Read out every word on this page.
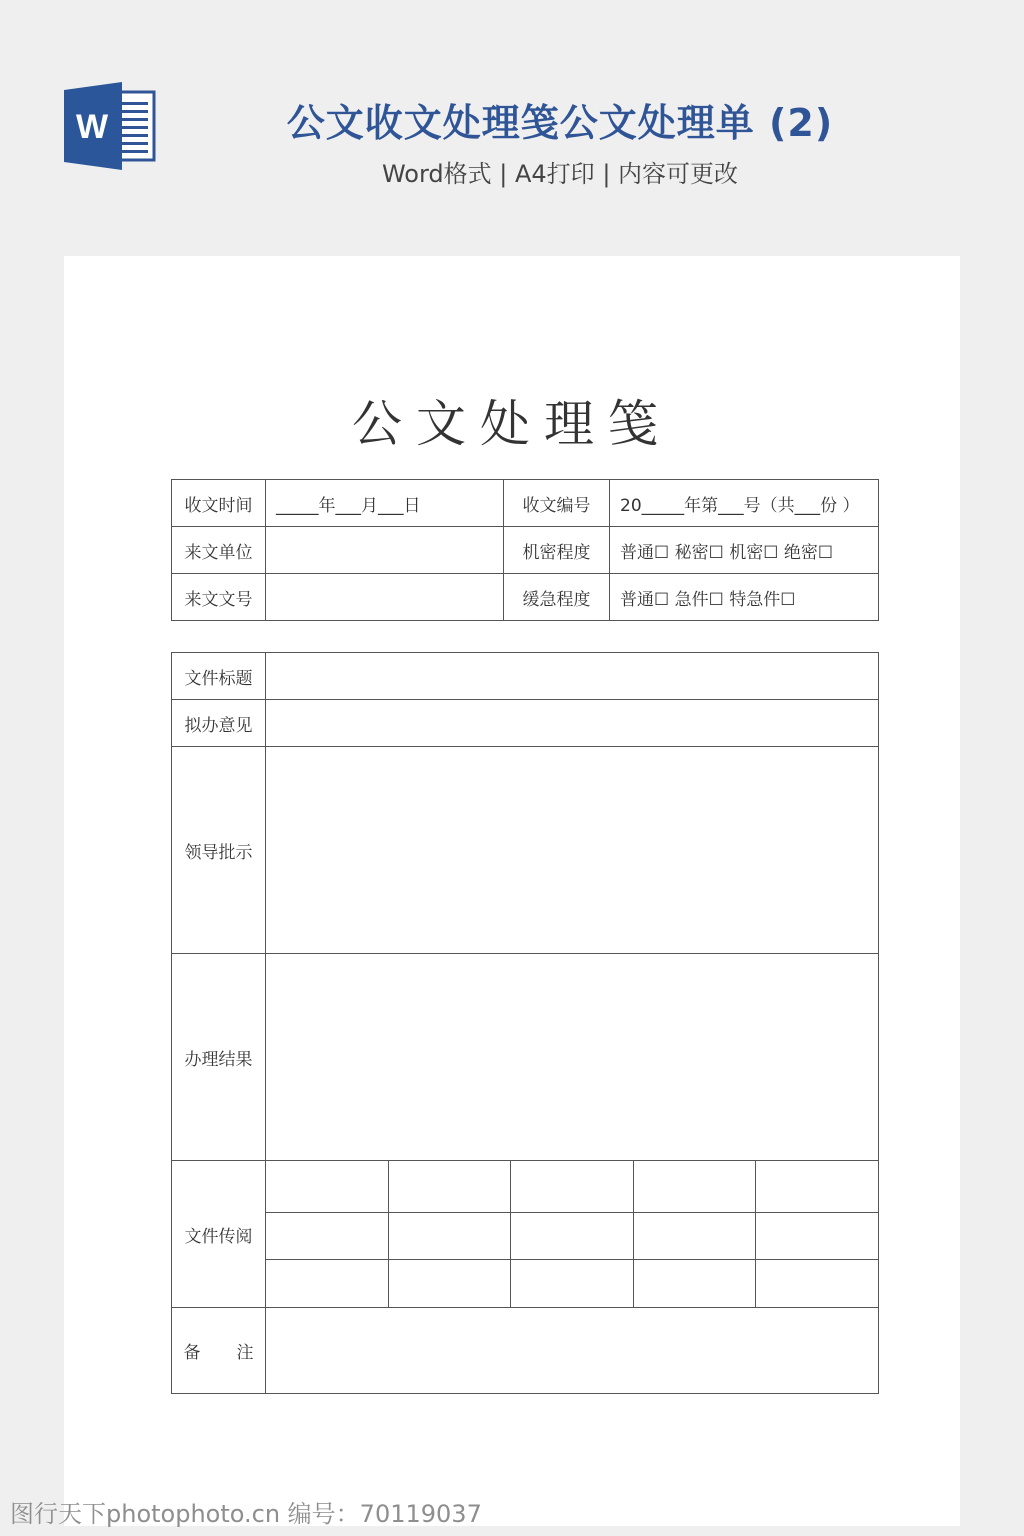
W	公文收文处理笺公文处理单 (2)
Word格式 | A4打印 | 内容可更改
公文处理笺
收文时间	_____年___月___日	收文编号	20_____年第___号（共___份 ）
来文单位		机密程度	普通☐ 秘密☐ 机密☐ 绝密☐
来文文号		缓急程度	普通☐ 急件☐ 特急件☐
文件标题	
拟办意见	
领导批示	
办理结果	
文件传阅	

备 注	
图行天下photophoto.cn 编号：70119037
